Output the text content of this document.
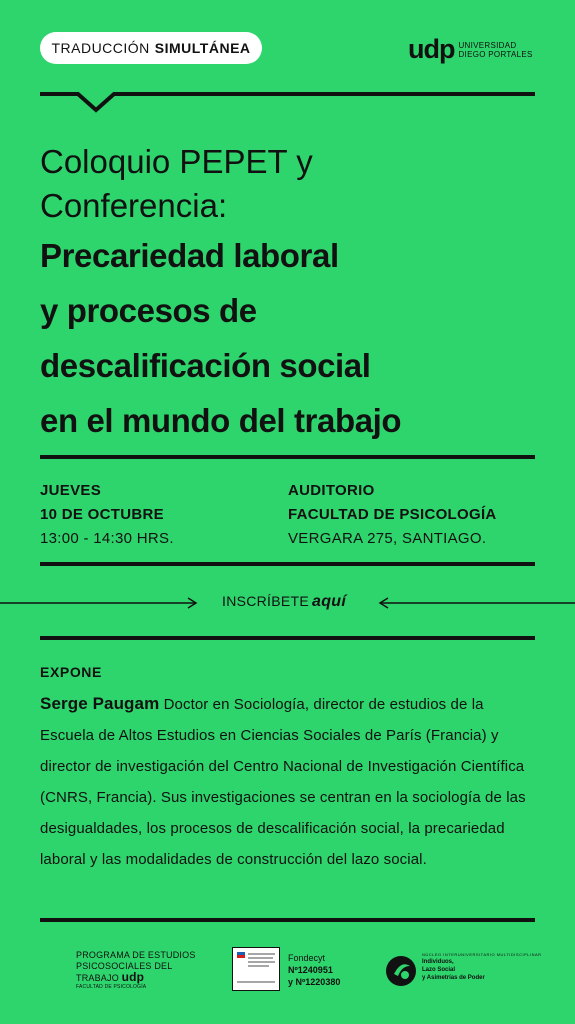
TRADUCCIÓN SIMULTÁNEA	udp UNIVERSIDAD
DIEGO PORTALES
Coloquio PEPET y
Conferencia:
Precariedad laboral
y procesos de
descalificación social
en el mundo del trabajo
JUEVES
10 DE OCTUBRE
13:00 - 14:30 HRS.
AUDITORIO
FACULTAD DE PSICOLOGÍA
VERGARA 275, SANTIAGO.
INSCRÍBETE aquí
EXPONE
Serge Paugam Doctor en Sociología, director de estudios de la Escuela de Altos Estudios en Ciencias Sociales de París (Francia) y director de investigación del Centro Nacional de Investigación Científica (CNRS, Francia). Sus investigaciones se centran en la sociología de las desigualdades, los procesos de descalificación social, la precariedad laboral y las modalidades de construcción del lazo social.
PROGRAMA DE ESTUDIOS
PSICOSOCIALES DEL
TRABAJO udp
FACULTAD DE PSICOLOGÍA
Fondecyt
Nº1240951
y Nº1220380
NÚCLEO INTERUNIVERSITARIO MULTIDISCIPLINAR
Individuos,
Lazo Social
y Asimetrías de Poder
